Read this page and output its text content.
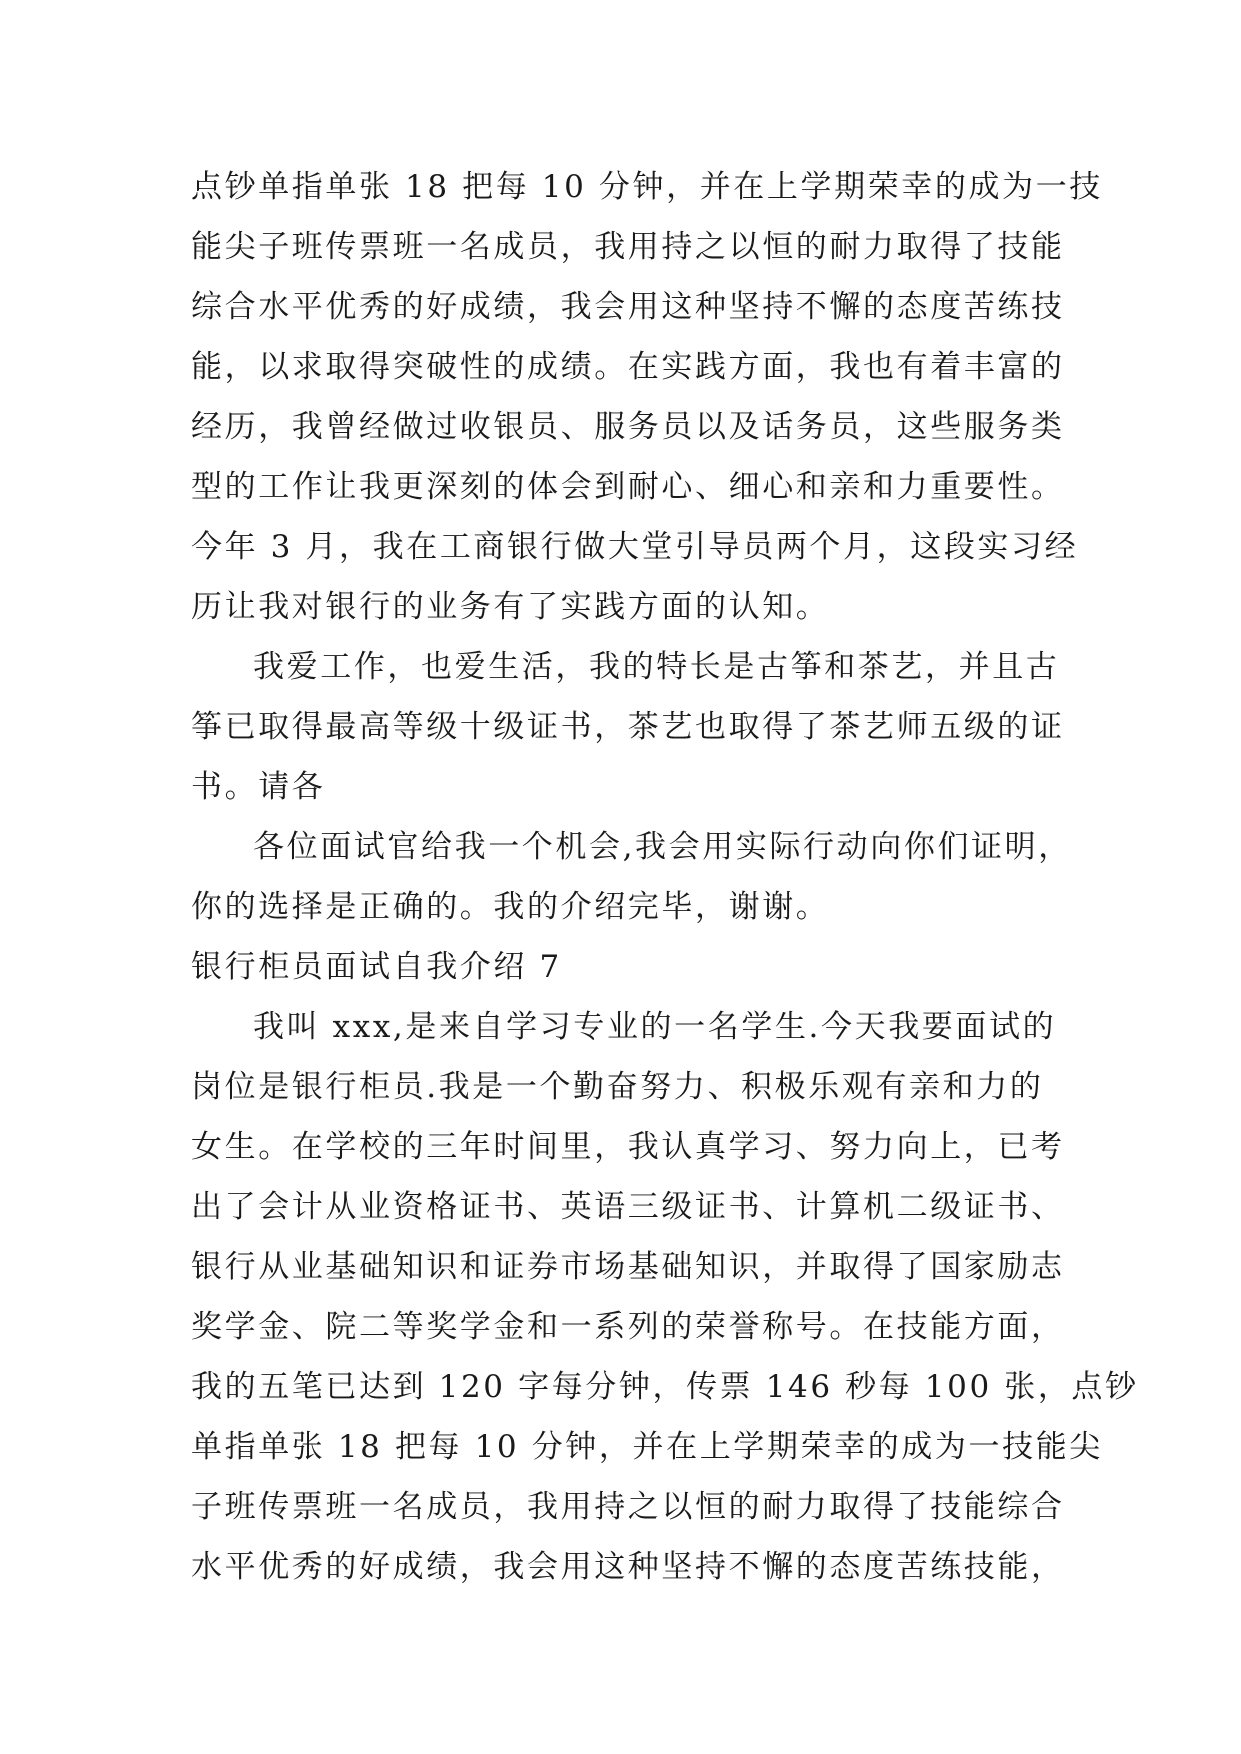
点钞单指单张 18 把每 10 分钟，并在上学期荣幸的成为一技
能尖子班传票班一名成员，我用持之以恒的耐力取得了技能
综合水平优秀的好成绩，我会用这种坚持不懈的态度苦练技
能，以求取得突破性的成绩。在实践方面，我也有着丰富的
经历，我曾经做过收银员、服务员以及话务员，这些服务类
型的工作让我更深刻的体会到耐心、细心和亲和力重要性。
今年 3 月，我在工商银行做大堂引导员两个月，这段实习经
历让我对银行的业务有了实践方面的认知。
我爱工作，也爱生活，我的特长是古筝和茶艺，并且古
筝已取得最高等级十级证书，茶艺也取得了茶艺师五级的证
书。请各
各位面试官给我一个机会,我会用实际行动向你们证明，
你的选择是正确的。我的介绍完毕，谢谢。
银行柜员面试自我介绍 7
我叫 xxx,是来自学习专业的一名学生.今天我要面试的
岗位是银行柜员.我是一个勤奋努力、积极乐观有亲和力的
女生。在学校的三年时间里，我认真学习、努力向上，已考
出了会计从业资格证书、英语三级证书、计算机二级证书、
银行从业基础知识和证券市场基础知识，并取得了国家励志
奖学金、院二等奖学金和一系列的荣誉称号。在技能方面，
我的五笔已达到 120 字每分钟，传票 146 秒每 100 张，点钞
单指单张 18 把每 10 分钟，并在上学期荣幸的成为一技能尖
子班传票班一名成员，我用持之以恒的耐力取得了技能综合
水平优秀的好成绩，我会用这种坚持不懈的态度苦练技能，
